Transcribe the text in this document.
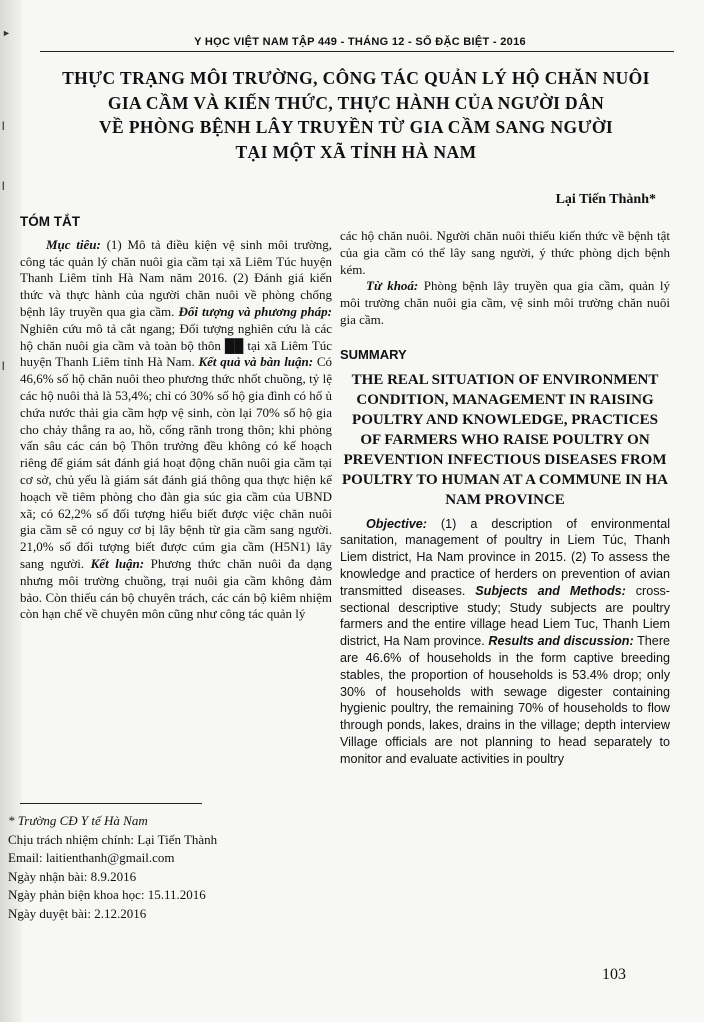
►
|
|
|
Y HỌC VIỆT NAM TẬP 449 - THÁNG 12 - SỐ ĐẶC BIỆT - 2016
THỰC TRẠNG MÔI TRƯỜNG, CÔNG TÁC QUẢN LÝ HỘ CHĂN NUÔI
GIA CẦM VÀ KIẾN THỨC, THỰC HÀNH CỦA NGƯỜI DÂN
VỀ PHÒNG BỆNH LÂY TRUYỀN TỪ GIA CẦM SANG NGƯỜI
TẠI MỘT XÃ TỈNH HÀ NAM
Lại Tiến Thành*
TÓM TẮT

Mục tiêu: (1) Mô tả điều kiện vệ sinh môi trường, công tác quản lý chăn nuôi gia cầm tại xã Liêm Túc huyện Thanh Liêm tỉnh Hà Nam năm 2016. (2) Đánh giá kiến thức và thực hành của người chăn nuôi về phòng chống bệnh lây truyền qua gia cầm. Đối tượng và phương pháp: Nghiên cứu mô tả cắt ngang; Đối tượng nghiên cứu là các hộ chăn nuôi gia cầm và toàn bộ thôn ██ tại xã Liêm Túc huyện Thanh Liêm tỉnh Hà Nam. Kết quả và bàn luận: Có 46,6% số hộ chăn nuôi theo phương thức nhốt chuồng, tỷ lệ các hộ nuôi thả là 53,4%; chỉ có 30% số hộ gia đình có hố ủ chứa nước thải gia cầm hợp vệ sinh, còn lại 70% số hộ gia cho chảy thẳng ra ao, hồ, cống rãnh trong thôn; khi phỏng vấn sâu các cán bộ Thôn trưởng đều không có kế hoạch riêng để giám sát đánh giá hoạt động chăn nuôi gia cầm tại cơ sở, chủ yếu là giám sát đánh giá thông qua thực hiện kế hoạch về tiêm phòng cho đàn gia súc gia cầm của UBND xã; có 62,2% số đối tượng hiểu biết được việc chăn nuôi gia cầm sẽ có nguy cơ bị lây bệnh từ gia cầm sang người. 21,0% số đối tượng biết được cúm gia cầm (H5N1) lây sang người. Kết luận: Phương thức chăn nuôi đa dạng nhưng môi trường chuồng, trại nuôi gia cầm không đảm bảo. Còn thiếu cán bộ chuyên trách, các cán bộ kiêm nhiệm còn hạn chế về chuyên môn cũng như công tác quản lý

các hộ chăn nuôi. Người chăn nuôi thiếu kiến thức về bệnh tật của gia cầm có thể lây sang người, ý thức phòng dịch bệnh kém.

Từ khoá: Phòng bệnh lây truyền qua gia cầm, quản lý môi trường chăn nuôi gia cầm, vệ sinh môi trường chăn nuôi gia cầm.

SUMMARY
THE REAL SITUATION OF ENVIRONMENT CONDITION, MANAGEMENT IN RAISING POULTRY AND KNOWLEDGE, PRACTICES OF FARMERS WHO RAISE POULTRY ON PREVENTION INFECTIOUS DISEASES FROM POULTRY TO HUMAN AT A COMMUNE IN HA NAM PROVINCE

Objective: (1) a description of environmental sanitation, management of poultry in Liem Túc, Thanh Liem district, Ha Nam province in 2015. (2) To assess the knowledge and practice of herders on prevention of avian transmitted diseases. Subjects and Methods: cross-sectional descriptive study; Study subjects are poultry farmers and the entire village head Liem Tuc, Thanh Liem district, Ha Nam province. Results and discussion: There are 46.6% of households in the form captive breeding stables, the proportion of households is 53.4% drop; only 30% of households with sewage digester containing hygienic poultry, the remaining 70% of households to flow through ponds, lakes, drains in the village; depth interview Village officials are not planning to head separately to monitor and evaluate activities in poultry

* Trường CĐ Y tế Hà Nam
Chịu trách nhiệm chính: Lại Tiến Thành
Email: laitienthanh@gmail.com
Ngày nhận bài: 8.9.2016
Ngày phản biện khoa học: 15.11.2016
Ngày duyệt bài: 2.12.2016
103
